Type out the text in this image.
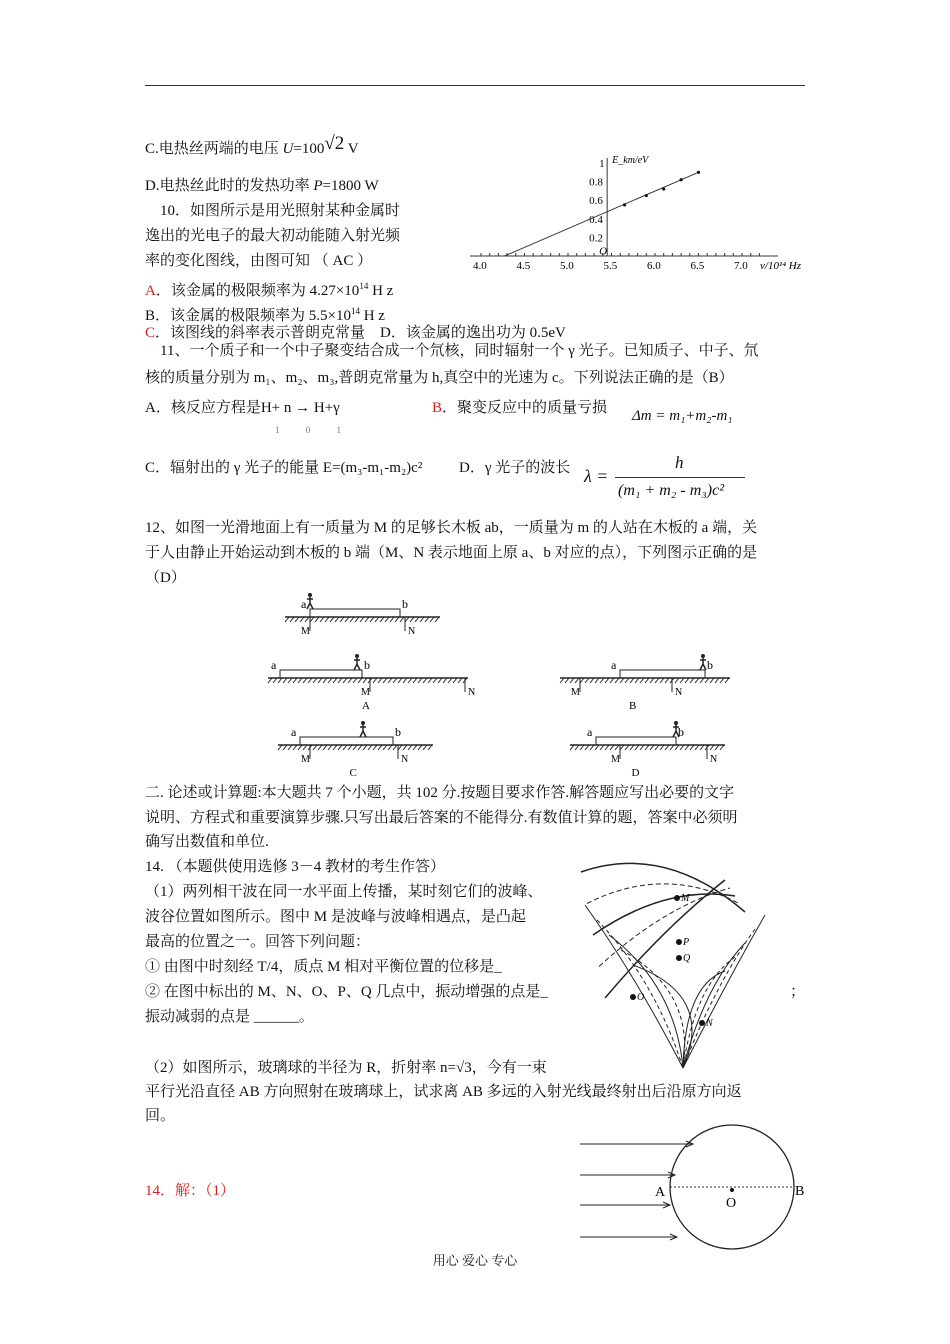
C.电热丝两端的电压 U=100√2 V
D.电热丝此时的发热功率 P=1800 W
10．如图所示是用光照射某种金属时
逸出的光电子的最大初动能随入射光频
率的变化图线，由图可知 （ AC ）
A．该金属的极限频率为 $4.27\times 10^{14}$ H z
B．该金属的极限频率为 $5.5\times 10^{14}$ H z
C．该图线的斜率表示普朗克常量 D．该金属的逸出功为 0.5eV
4.0	4.5	5.0	5.5	6.0	6.5	7.0
1
0.8
0.6
0.4
0.2
O
E_km/eV
ν/10¹⁴ Hz
11、一个质子和一个中子聚变结合成一个氘核，同时辐射一个 γ 光子。已知质子、中子、氘
核的质量分别为 m₁、m₂、m₃,普朗克常量为 h,真空中的光速为 c。下列说法正确的是（B）
A．核反应方程是H+ n → H+γ
1	0	1
B．聚变反应中的质量亏损 Δm = m₁+m₂-m₁
C．辐射出的 γ 光子的能量 E=(m₃-m₁-m₂)c² D．γ 光子的波长 λ =
h
(m₁ + m₂ - m₃)c²
12、如图一光滑地面上有一质量为 M 的足够长木板 ab，一质量为 m 的人站在木板的 a 端，关
于人由静止开始运动到木板的 b 端（M、N 表示地面上原 a、b 对应的点），下列图示正确的是
（D）
a	b
M	N
a	b
M	N
A
a	b
M	N
B
a	b
M	N
C
a	b
M	N
D
二. 论述或计算题:本大题共 7 个小题，共 102 分.按题目要求作答.解答题应写出必要的文字
说明、方程式和重要演算步骤.只写出最后答案的不能得分.有数值计算的题，答案中必须明
确写出数值和单位.
14. （本题供使用选修 3－4 教材的考生作答）
（1）两列相干波在同一水平面上传播，某时刻它们的波峰、
波谷位置如图所示。图中 M 是波峰与波峰相遇点，是凸起
最高的位置之一。回答下列问题：
① 由图中时刻经 T/4，质点 M 相对平衡位置的位移是_
② 在图中标出的 M、N、O、P、Q 几点中，振动增强的点是_
振动减弱的点是 ______。
；
M
P
Q
O
N
（2）如图所示，玻璃球的半径为 R，折射率 n=√3，今有一束
平行光沿直径 AB 方向照射在玻璃球上，试求离 AB 多远的入射光线最终射出后沿原方向返
回。
A	B
O
14．解：（1）
用心 爱心 专心
